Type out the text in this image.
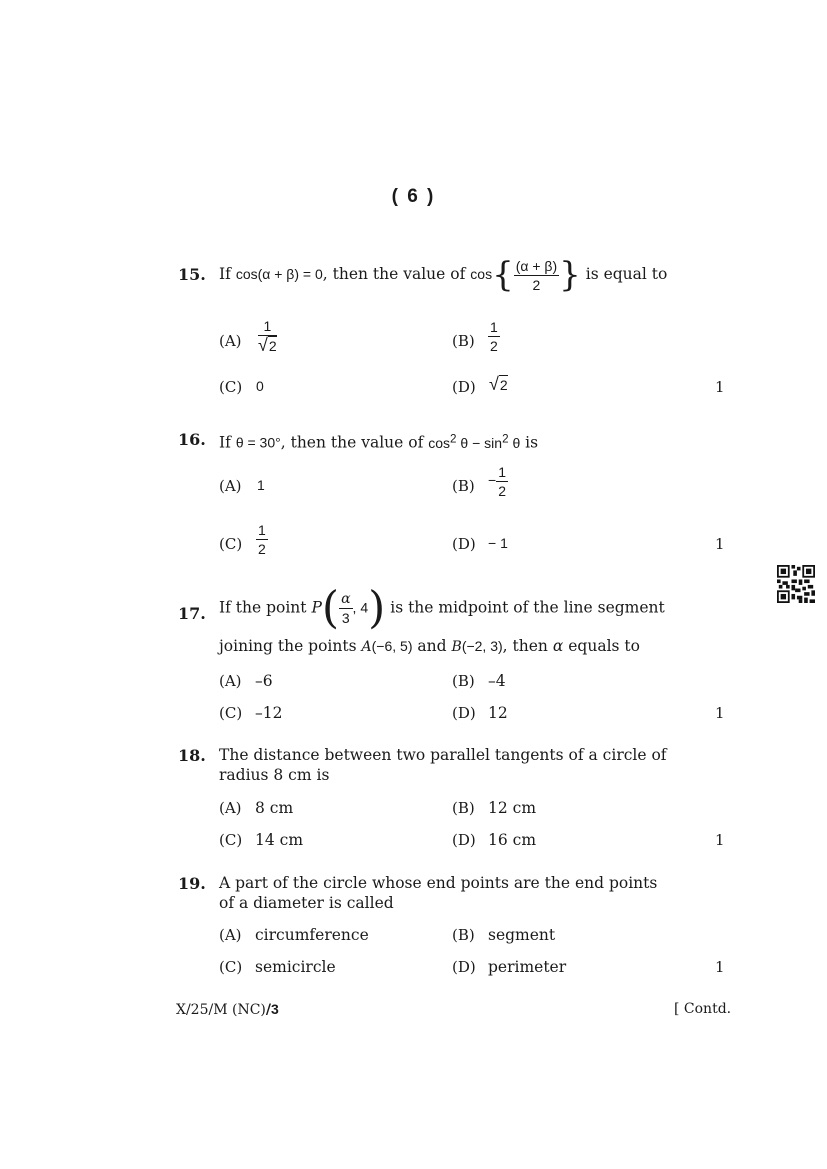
( 6 )
15. If cos(α + β) = 0, then the value of $\cos\{ \frac{(\alpha + \beta)}{2}$ } is equal to
$(A) \frac{1}{√2}$	$(B) \frac{1}{2}$
(C) 0	(D) √2	1
16. If θ = 30°, then the value of $\cos^2 \theta - \sin^2 \theta$ is
(A) 1	$(B) - \frac{1}{2}$
$(C) \frac{1}{2}$	(D) − 1	1
17. If the point $P( \frac{\alpha}{3}$ , 4) is the midpoint of the line segment
joining the points A(−6, 5) and B(−2, 3), then α equals to
(A) –6	(B) –4
(C) –12	(D) 12	1
18. The distance between two parallel tangents of a circle of
radius 8 cm is
(A) 8 cm	(B) 12 cm
(C) 14 cm	(D) 16 cm	1
19. A part of the circle whose end points are the end points
of a diameter is called
(A) circumference	(B) segment
(C) semicircle	(D) perimeter	1
X/25/M (NC)/3	[ Contd.
